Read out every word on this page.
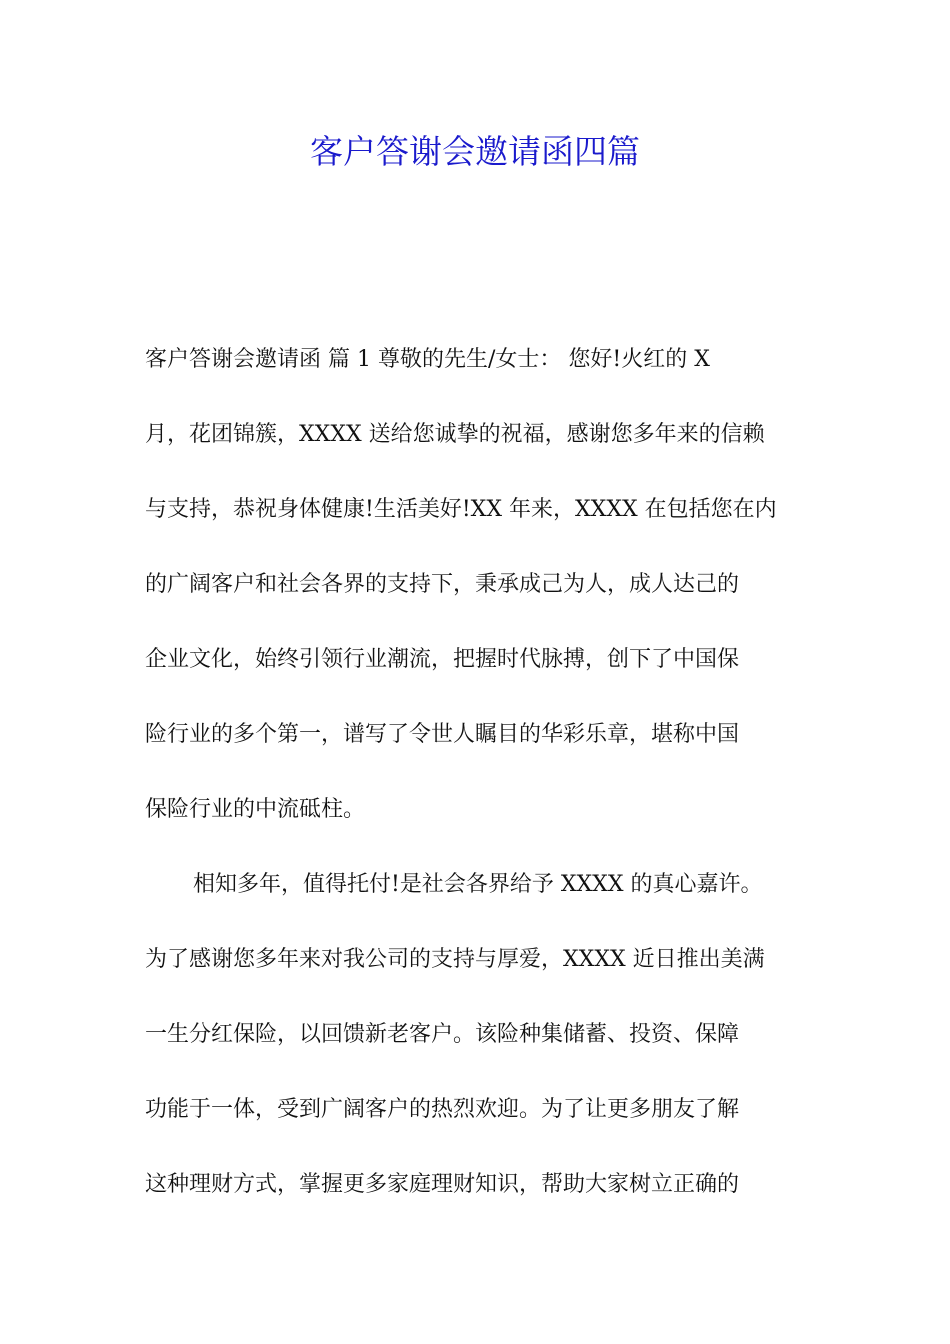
客户答谢会邀请函四篇
客户答谢会邀请函 篇 1 尊敬的先生/女士： 您好!火红的 X
月，花团锦簇，XXXX 送给您诚挚的祝福，感谢您多年来的信赖
与支持，恭祝身体健康!生活美好!XX 年来，XXXX 在包括您在内
的广阔客户和社会各界的支持下，秉承成己为人，成人达己的
企业文化，始终引领行业潮流，把握时代脉搏，创下了中国保
险行业的多个第一，谱写了令世人瞩目的华彩乐章，堪称中国
保险行业的中流砥柱。
相知多年，值得托付!是社会各界给予 XXXX 的真心嘉许。
为了感谢您多年来对我公司的支持与厚爱，XXXX 近日推出美满
一生分红保险，以回馈新老客户。该险种集储蓄、投资、保障
功能于一体，受到广阔客户的热烈欢迎。为了让更多朋友了解
这种理财方式，掌握更多家庭理财知识，帮助大家树立正确的
